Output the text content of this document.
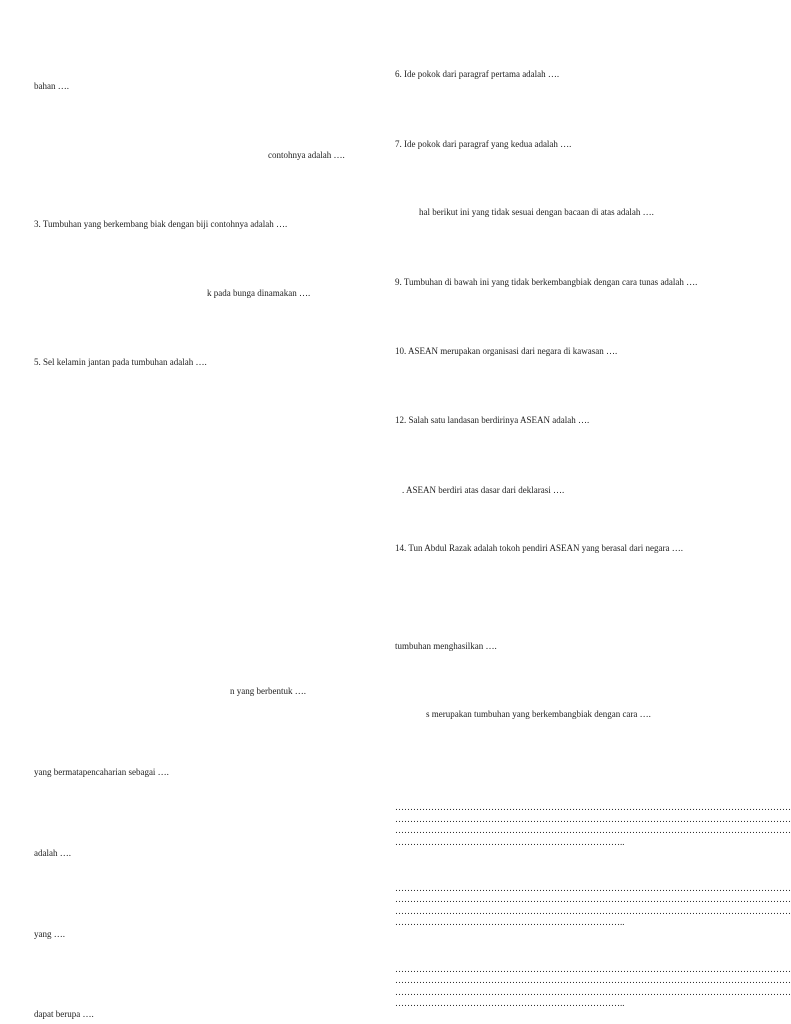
bahan ….
contohnya adalah ….
3. Tumbuhan yang berkembang biak dengan biji contohnya adalah ….
k pada bunga dinamakan ….
5. Sel kelamin jantan pada tumbuhan adalah ….
n yang berbentuk ….
yang bermatapencaharian sebagai ….
adalah ….
yang ….
dapat berupa ….
6. Ide pokok dari paragraf pertama adalah ….
7. Ide pokok dari paragraf yang kedua adalah ….
hal berikut ini yang tidak sesuai dengan bacaan di atas adalah ….
9. Tumbuhan di bawah ini yang tidak berkembangbiak dengan cara tunas adalah ….
10. ASEAN merupakan organisasi dari negara di kawasan ….
12. Salah satu landasan berdirinya ASEAN adalah ….
. ASEAN berdiri atas dasar dari deklarasi ….
14. Tun Abdul Razak adalah tokoh pendiri ASEAN yang berasal dari negara ….
tumbuhan menghasilkan ….
s merupakan tumbuhan yang berkembangbiak dengan cara ….
……………………………………………………………………………………………………………………
……………………………………………………………………………………………………………………
……………………………………………………………………………………………………………………
…………………………………………………………………..
……………………………………………………………………………………………………………………
……………………………………………………………………………………………………………………
……………………………………………………………………………………………………………………
…………………………………………………………………..
……………………………………………………………………………………………………………………
……………………………………………………………………………………………………………………
……………………………………………………………………………………………………………………
…………………………………………………………………..
